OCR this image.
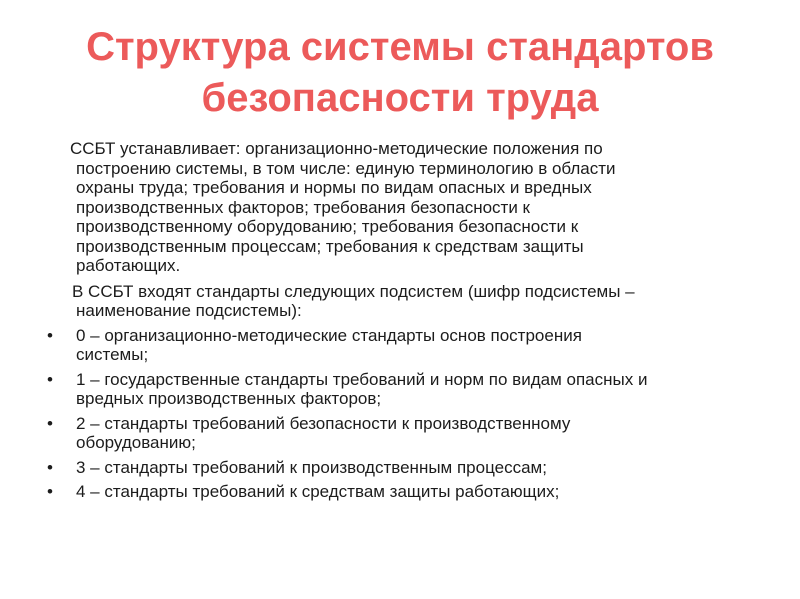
Структура системы стандартов
безопасности труда
ССБТ устанавливает: организационно-методические положения по
построению системы, в том числе: единую терминологию в области
охраны труда; требования и нормы по видам опасных и вредных
производственных факторов; требования безопасности к
производственному оборудованию; требования безопасности к
производственным процессам; требования к средствам защиты
работающих.
В ССБТ входят стандарты следующих подсистем (шифр подсистемы –
наименование подсистемы):
• 0 – организационно-методические стандарты основ построения
системы;
• 1 – государственные стандарты требований и норм по видам опасных и
вредных производственных факторов;
• 2 – стандарты требований безопасности к производственному
оборудованию;
• 3 – стандарты требований к производственным процессам;
• 4 – стандарты требований к средствам защиты работающих;
